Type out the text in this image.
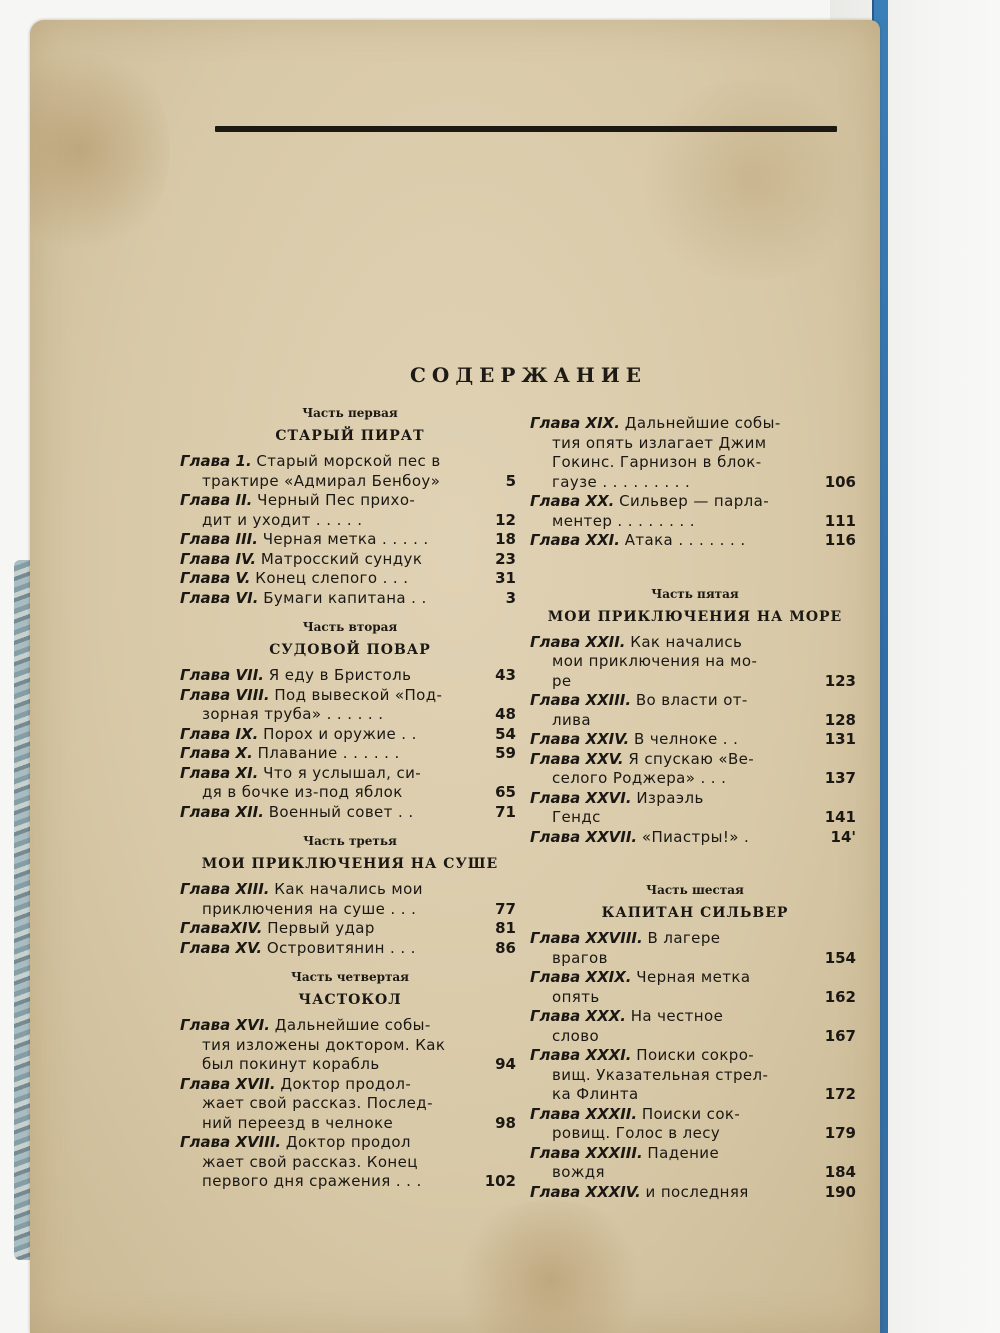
СОДЕРЖАНИЕ
Часть первая
СТАРЫЙ ПИРАТ
Глава 1. Старый морской пес в
трактире «Адмирал Бенбоу»	5
Глава II. Черный Пес прихо-
дит и уходит . . . . .	12
Глава III. Черная метка . . . . .	18
Глава IV. Матросский сундук	23
Глава V. Конец слепого . . .	31
Глава VI. Бумаги капитана . .	3
Часть вторая
СУДОВОЙ ПОВАР
Глава VII. Я еду в Бристоль	43
Глава VIII. Под вывеской «Под-
зорная труба» . . . . . .	48
Глава IX. Порох и оружие . .	54
Глава X. Плавание . . . . . .	59
Глава XI. Что я услышал, си-
дя в бочке из-под яблок	65
Глава XII. Военный совет . .	71
Часть третья
МОИ ПРИКЛЮЧЕНИЯ НА СУШЕ
Глава XIII. Как начались мои
приключения на суше . . .	77
ГлаваXIV. Первый удар	81
Глава XV. Островитянин . . .	86
Часть четвертая
ЧАСТОКОЛ
Глава XVI. Дальнейшие собы-
тия изложены доктором. Как
был покинут корабль	94
Глава XVII. Доктор продол-
жает свой рассказ. Послед-
ний переезд в челноке	98
Глава XVIII. Доктор продол
жает свой рассказ. Конец
первого дня сражения . . .	102
Глава XIX. Дальнейшие собы-
тия опять излагает Джим
Гокинс. Гарнизон в блок-
гаузе . . . . . . . . .	106
Глава XX. Сильвер — парла-
ментер . . . . . . . .	111
Глава XXI. Атака . . . . . . .	116
Часть пятая
МОИ ПРИКЛЮЧЕНИЯ НА МОРЕ
Глава XXII. Как начались
мои приключения на мо-
ре	123
Глава XXIII. Во власти от-
лива	128
Глава XXIV. В челноке . .	131
Глава XXV. Я спускаю «Ве-
селого Роджера» . . .	137
Глава XXVI. Израэль
Гендс	141
Глава XXVII. «Пиастры!» .	14'
Часть шестая
КАПИТАН СИЛЬВЕР
Глава XXVIII. В лагере
врагов	154
Глава XXIX. Черная метка
опять	162
Глава XXX. На честное
слово	167
Глава XXXI. Поиски сокро-
вищ. Указательная стрел-
ка Флинта	172
Глава XXXII. Поиски сок-
ровищ. Голос в лесу	179
Глава XXXIII. Падение
вождя	184
Глава XXXIV. и последняя	190
